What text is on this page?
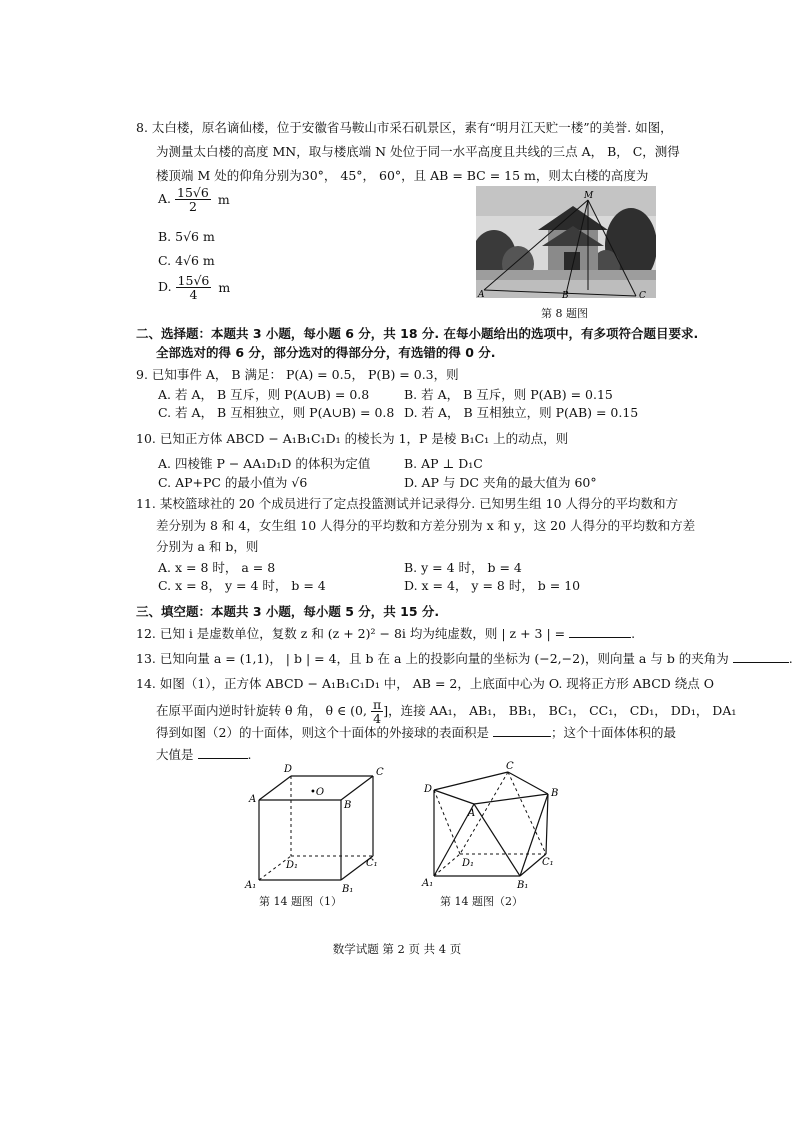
8. 太白楼，原名谪仙楼，位于安徽省马鞍山市采石矶景区，素有“明月江天贮一楼”的美誉. 如图，
为测量太白楼的高度 MN，取与楼底端 N 处位于同一水平高度且共线的三点 A， B， C，测得
楼顶端 M 处的仰角分别为30°， 45°， 60°，且 AB = BC = 15 m，则太白楼的高度为
A. $\frac{15√6}{2}$ m
B. 5√6 m
C. 4√6 m
D. $\frac{15√6}{4}$ m
M
A	B	C
第 8 题图
二、选择题：本题共 3 小题，每小题 6 分，共 18 分. 在每小题给出的选项中，有多项符合题目要求.
全部选对的得 6 分，部分选对的得部分分，有选错的得 0 分.
9. 已知事件 A， B 满足： P(A) = 0.5， P(B) = 0.3，则
A. 若 A， B 互斥，则 P(A∪B) = 0.8	B. 若 A， B 互斥，则 P(AB) = 0.15
C. 若 A， B 互相独立，则 P(A∪B) = 0.8 D. 若 A， B 互相独立，则 P(AB) = 0.15
10. 已知正方体 ABCD − A₁B₁C₁D₁ 的棱长为 1，P 是棱 B₁C₁ 上的动点，则
A. 四棱锥 P − AA₁D₁D 的体积为定值	B. AP ⊥ D₁C
C. AP+PC 的最小值为 √6	D. AP 与 DC 夹角的最大值为 60°
11. 某校篮球社的 20 个成员进行了定点投篮测试并记录得分. 已知男生组 10 人得分的平均数和方
差分别为 8 和 4，女生组 10 人得分的平均数和方差分别为 x 和 y，这 20 人得分的平均数和方差
分别为 a 和 b，则
A. x = 8 时， a = 8	B. y = 4 时， b = 4
C. x = 8， y = 4 时， b = 4	D. x = 4， y = 8 时， b = 10
三、填空题：本题共 3 小题，每小题 5 分，共 15 分.
12. 已知 i 是虚数单位，复数 z 和 (z + 2)² − 8i 均为纯虚数，则 | z + 3 | =	.
13. 已知向量 a = (1,1)， | b | = 4，且 b 在 a 上的投影向量的坐标为 (−2,−2)，则向量 a 与 b 的夹角为	.
14. 如图（1），正方体 ABCD − A₁B₁C₁D₁ 中， AB = 2，上底面中心为 O. 现将正方形 ABCD 绕点 O
在原平面内逆时针旋转 θ 角， θ ∈ (0, $\frac{\pi}{4}$ ]，连接 AA₁， AB₁， BB₁， BC₁， CC₁， CD₁， DD₁， DA₁
得到如图（2）的十面体，则这个十面体的外接球的表面积是	；这个十面体体积的最
大值是	.
D	C
A
B
•O
D₁	C₁
A₁	B₁
第 14 题图（1）
C
D	B
A
D₁	C₁
A₁	B₁
第 14 题图（2）
数学试题 第 2 页 共 4 页
